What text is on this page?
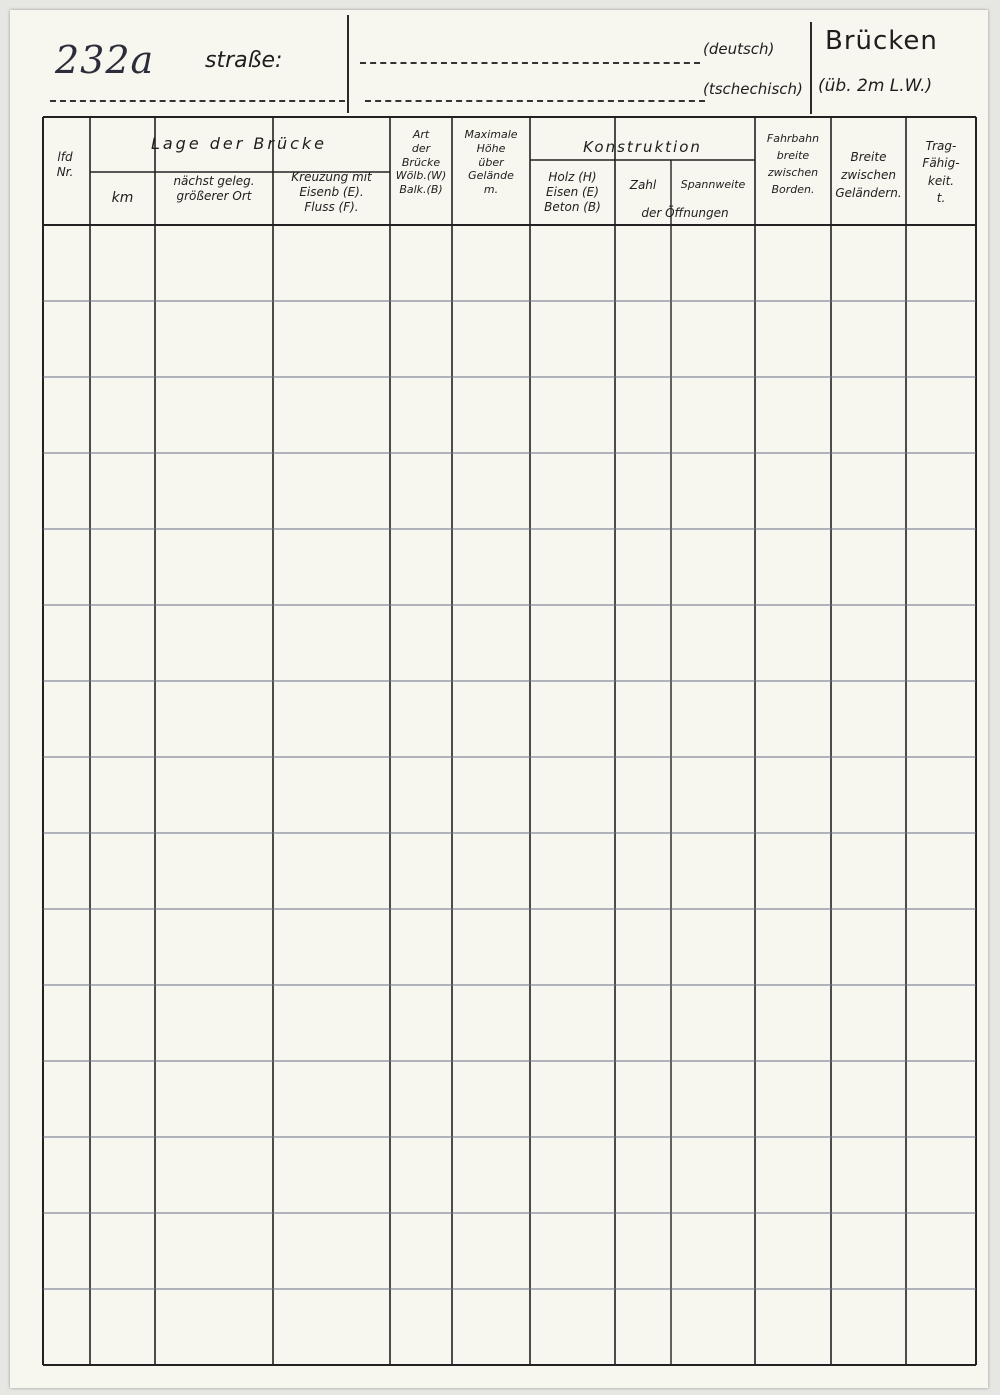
232a straße:	(deutsch)
(tschechisch)
Brücken
(üb. 2m L.W.)
lfd
Nr.
Lage der Brücke
km
nächst geleg.
größerer Ort
Kreuzung mit
Eisenb (E).
Fluss (F).
Art
der
Brücke
Wölb.(W)
Balk.(B)
Maximale
Höhe
über
Gelände
m.
Konstruktion
Holz (H)
Eisen (E)
Beton (B)
Zahl	Spannweite
der Öffnungen
Fahrbahn
breite
zwischen
Borden.
Breite
zwischen
Geländern.
Trag-
Fähig-
keit.
t.
